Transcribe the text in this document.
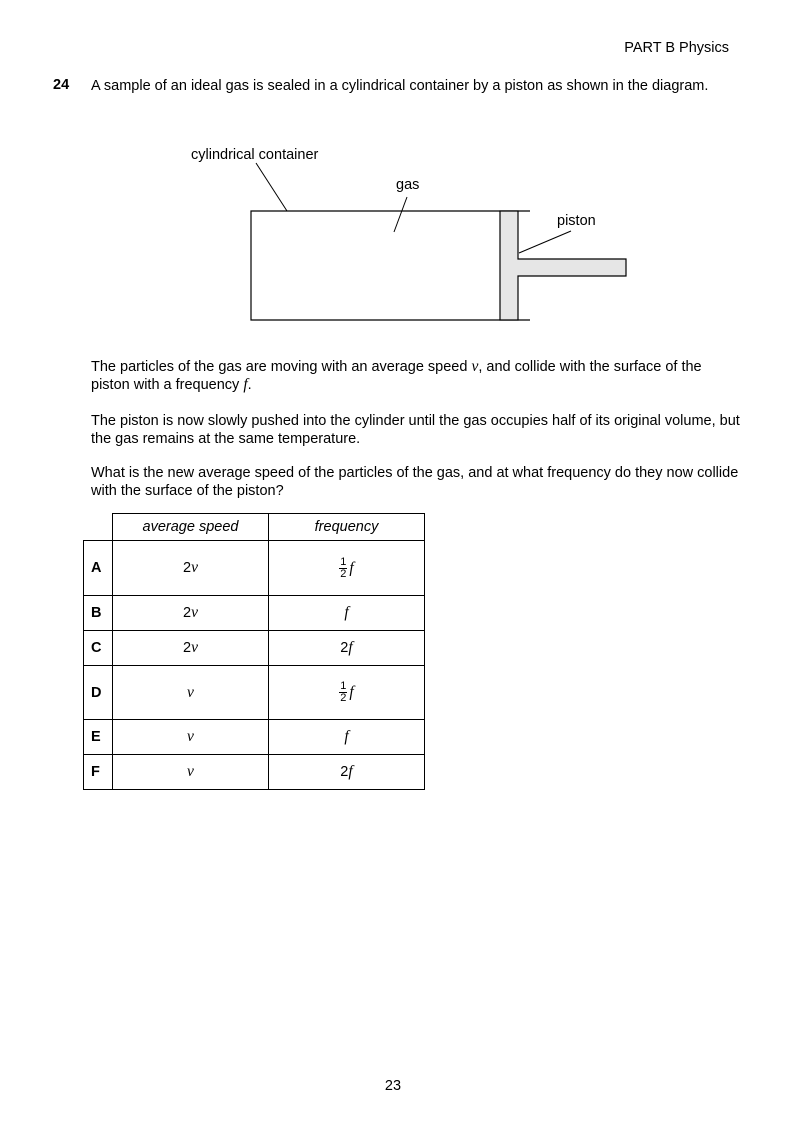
PART B Physics
24 A sample of an ideal gas is sealed in a cylindrical container by a piston as shown in the diagram.
cylindrical container
gas
piston
The particles of the gas are moving with an average speed v, and collide with the surface of the piston with a frequency f.
The piston is now slowly pushed into the cylinder until the gas occupies half of its original volume, but the gas remains at the same temperature.
What is the new average speed of the particles of the gas, and at what frequency do they now collide with the surface of the piston?
	average speed	frequency
A	2v	$\frac{1}{2}$ f
B	2v	f
C	2v	2f
D	v	$\frac{1}{2}$ f
E	v	f
F	v	2f
23
